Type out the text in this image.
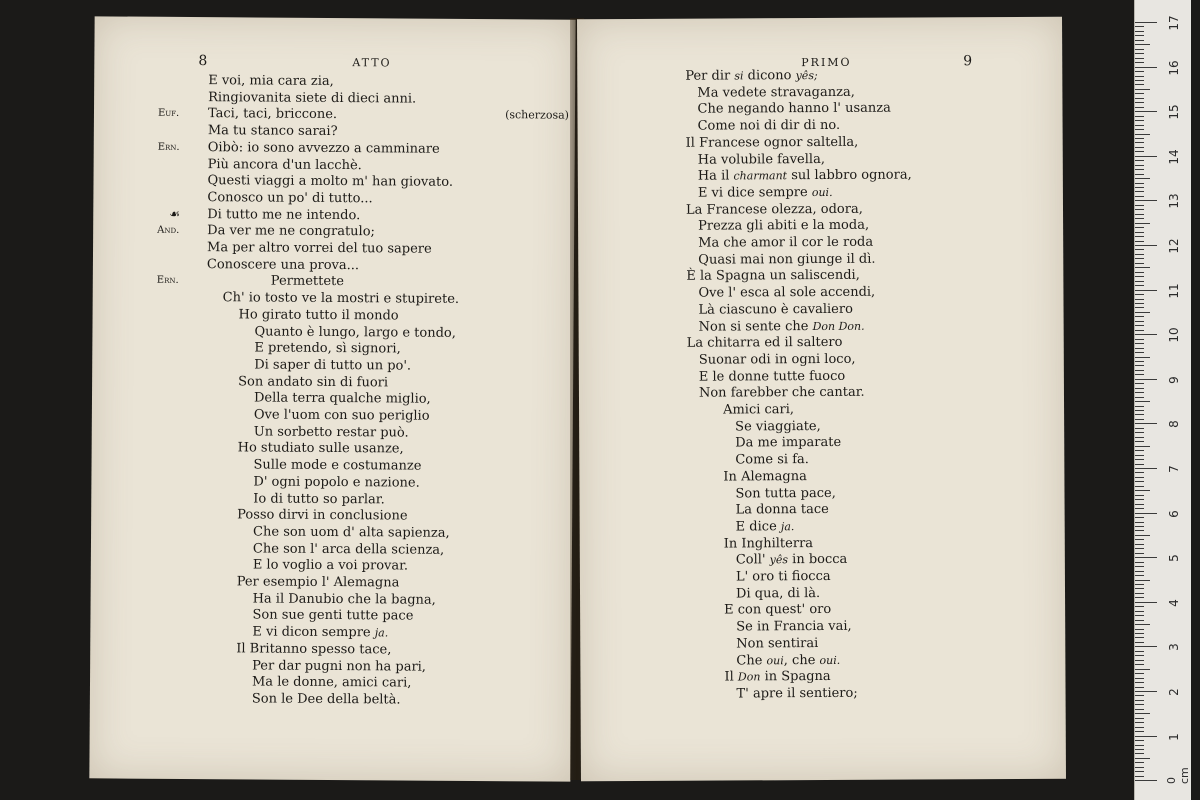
8	ATTO
E voi, mia cara zia,
Ringiovanita siete di dieci anni.
Euf. Taci, taci, briccone.	(scherzosa)
Ma tu stanco sarai?
Ern. Oibò: io sono avvezzo a camminare
Più ancora d'un lacchè.
Questi viaggi a molto m' han giovato.
Conosco un po' di tutto...
☙ Di tutto me ne intendo.
And. Da ver me ne congratulo;
Ma per altro vorrei del tuo sapere
Conoscere una prova...
Ern.	Permettete
Ch' io tosto ve la mostri e stupirete.
Ho girato tutto il mondo
Quanto è lungo, largo e tondo,
E pretendo, sì signori,
Di saper di tutto un po'.
Son andato sin di fuori
Della terra qualche miglio,
Ove l'uom con suo periglio
Un sorbetto restar può.
Ho studiato sulle usanze,
Sulle mode e costumanze
D' ogni popolo e nazione.
Io di tutto so parlar.
Posso dirvi in conclusione
Che son uom d' alta sapienza,
Che son l' arca della scienza,
E lo voglio a voi provar.
Per esempio l' Alemagna
Ha il Danubio che la bagna,
Son sue genti tutte pace
E vi dicon sempre ja.
Il Britanno spesso tace,
Per dar pugni non ha pari,
Ma le donne, amici cari,
Son le Dee della beltà.
PRIMO	9
Per dir si dicono yês;
Ma vedete stravaganza,
Che negando hanno l' usanza
Come noi di dir di no.
Il Francese ognor saltella,
Ha volubile favella,
Ha il charmant sul labbro ognora,
E vi dice sempre oui.
La Francese olezza, odora,
Prezza gli abiti e la moda,
Ma che amor il cor le roda
Quasi mai non giunge il dì.
È la Spagna un saliscendi,
Ove l' esca al sole accendi,
Là ciascuno è cavaliero
Non si sente che Don Don.
La chitarra ed il saltero
Suonar odi in ogni loco,
E le donne tutte fuoco
Non farebber che cantar.
Amici cari,
Se viaggiate,
Da me imparate
Come si fa.
In Alemagna
Son tutta pace,
La donna tace
E dice ja.
In Inghilterra
Coll' yês in bocca
L' oro ti fiocca
Di qua, di là.
E con quest' oro
Se in Francia vai,
Non sentirai
Che oui, che oui.
Il Don in Spagna
T' apre il sentiero;
17
16
15
14
13
12
11
10
9
8
7
6
5
4
3
2
1
0 cm
